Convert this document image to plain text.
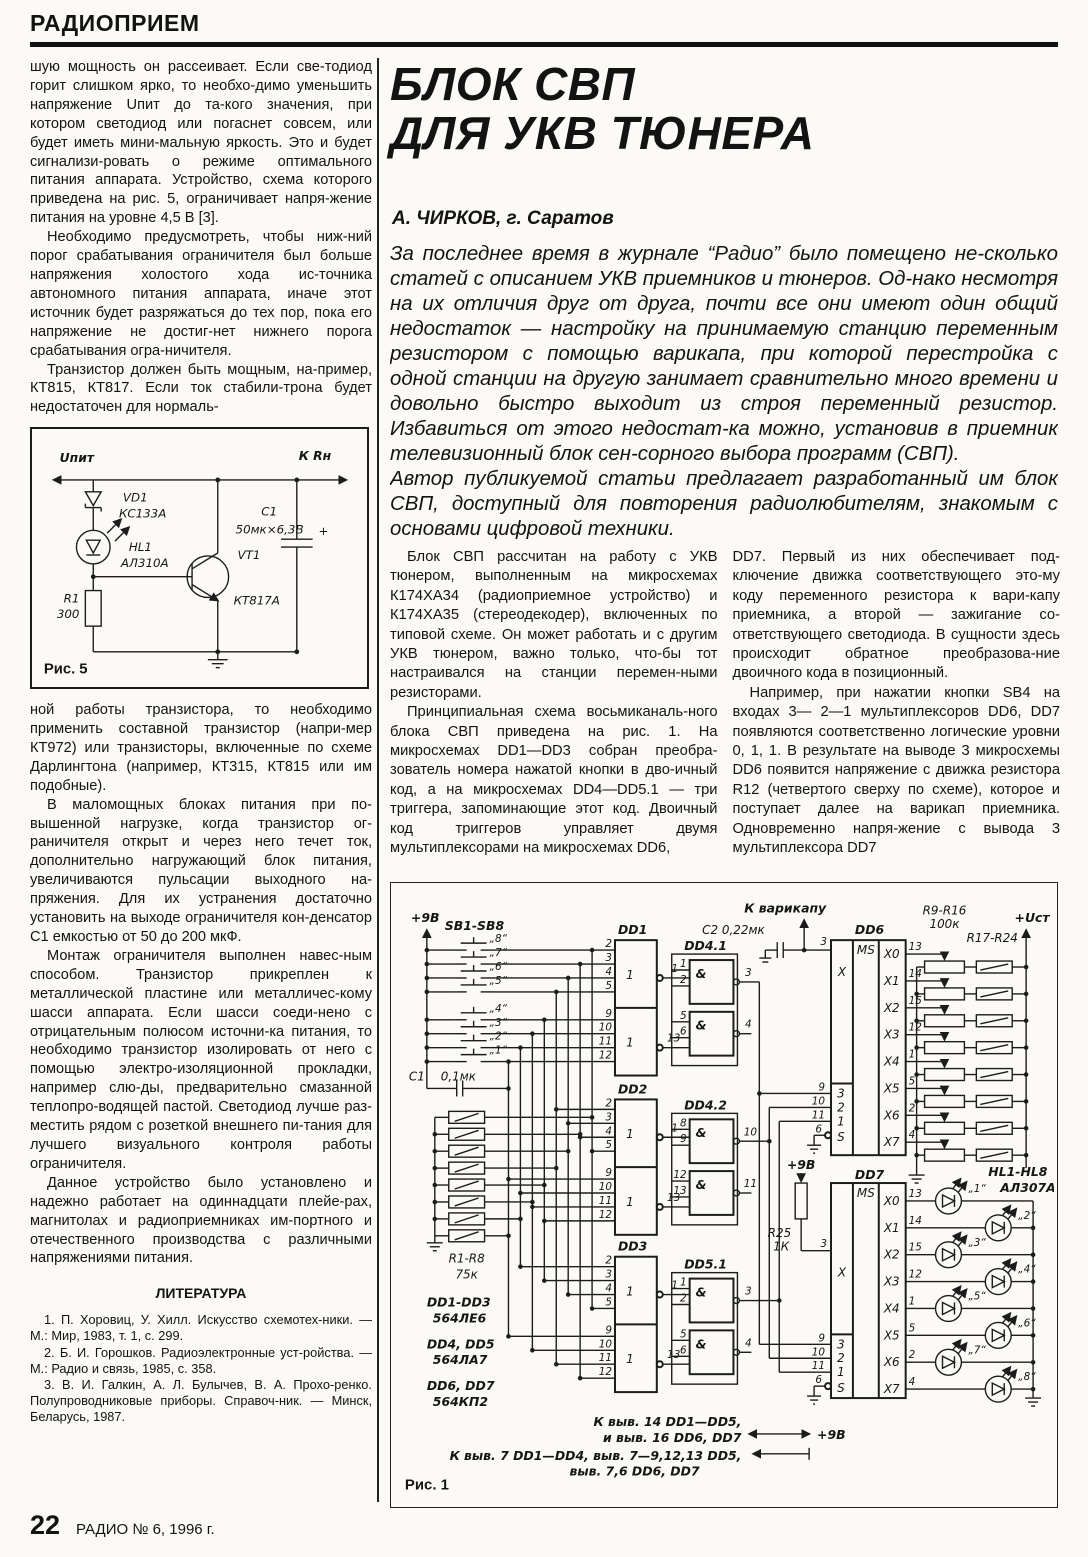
РАДИОПРИЕМ

шую мощность он рассеивает. Если све-тодиод горит слишком ярко, то необхо-димо уменьшить напряжение Uпит до та-кого значения, при котором светодиод или погаснет совсем, или будет иметь мини-мальную яркость. Это и будет сигнализи-ровать о режиме оптимального питания аппарата. Устройство, схема которого приведена на рис. 5, ограничивает напря-жение питания на уровне 4,5 В [3].

Необходимо предусмотреть, чтобы ниж-ний порог срабатывания ограничителя был больше напряжения холостого хода ис-точника автономного питания аппарата, иначе этот источник будет разряжаться до тех пор, пока его напряжение не достиг-нет нижнего порога срабатывания огра-ничителя.

Транзистор должен быть мощным, на-пример, КТ815, КТ817. Если ток стабили-трона будет недостаточен для нормаль-

Uпит	К Rн
VD1
КС133А
HL1
АЛ310А
R1
300
VT1
КТ817А
С1
50мк×6,3В +
Рис. 5

ной работы транзистора, то необходимо применить составной транзистор (напри-мер КТ972) или транзисторы, включенные по схеме Дарлингтона (например, КТ315, КТ815 или им подобные).

В маломощных блоках питания при по-вышенной нагрузке, когда транзистор ог-раничителя открыт и через него течет ток, дополнительно нагружающий блок питания, увеличиваются пульсации выходного на-пряжения. Для их устранения достаточно установить на выходе ограничителя кон-денсатор С1 емкостью от 50 до 200 мкФ.

Монтаж ограничителя выполнен навес-ным способом. Транзистор прикреплен к металлической пластине или металличес-кому шасси аппарата. Если шасси соеди-нено с отрицательным полюсом источни-ка питания, то необходимо транзистор изолировать от него с помощью электро-изоляционной прокладки, например слю-ды, предварительно смазанной теплопро-водящей пастой. Светодиод лучше раз-местить рядом с розеткой внешнего пи-тания для лучшего визуального контроля работы ограничителя.

Данное устройство было установлено и надежно работает на одиннадцати плейе-рах, магнитолах и радиоприемниках им-портного и отечественного производства с различными напряжениями питания.

ЛИТЕРАТУРА

1. П. Хоровиц, У. Хилл. Искусство схемотех-ники. — М.: Мир, 1983, т. 1, с. 299.

2. Б. И. Горошков. Радиоэлектронные уст-ройства. — М.: Радио и связь, 1985, с. 358.

3. В. И. Галкин, А. Л. Булычев, В. А. Прохо-ренко. Полупроводниковые приборы. Справоч-ник. — Минск, Беларусь, 1987.

БЛОК СВП
ДЛЯ УКВ ТЮНЕРА
А. ЧИРКОВ, г. Саратов

За последнее время в журнале “Радио” было помещено не-сколько статей с описанием УКВ приемников и тюнеров. Од-нако несмотря на их отличия друг от друга, почти все они имеют один общий недостаток — настройку на принимаемую станцию переменным резистором с помощью варикапа, при которой перестройка с одной станции на другую занимает сравнительно много времени и довольно быстро выходит из строя переменный резистор. Избавиться от этого недостат-ка можно, установив в приемник телевизионный блок сен-сорного выбора программ (СВП).

Автор публикуемой статьи предлагает разработанный им блок СВП, доступный для повторения радиолюбителям, знакомым с основами цифровой техники.

Блок СВП рассчитан на работу с УКВ тюнером, выполненным на микросхемах К174ХА34 (радиоприемное устройство) и К174ХА35 (стереодекодер), включенных по типовой схеме. Он может работать и с другим УКВ тюнером, важно только, что-бы тот настраивался на станции перемен-ными резисторами.

Принципиальная схема восьмиканаль-ного блока СВП приведена на рис. 1. На микросхемах DD1—DD3 собран преобра-зователь номера нажатой кнопки в дво-ичный код, а на микросхемах DD4—DD5.1 — три триггера, запоминающие этот код. Двоичный код триггеров управляет двумя мультиплексорами на микросхемах DD6,

DD7. Первый из них обеспечивает под-ключение движка соответствующего это-му коду переменного резистора к вари-капу приемника, а второй — зажигание со-ответствующего светодиода. В сущности здесь происходит обратное преобразова-ние двоичного кода в позиционный.

Например, при нажатии кнопки SB4 на входах 3— 2—1 мультиплексоров DD6, DD7 появляются соответственно логические уровни 0, 1, 1. В результате на выводе 3 микросхемы DD6 появится напряжение с движка резистора R12 (четвертого сверху по схеме), которое и поступает далее на варикап приемника. Одновременно напря-жение с вывода 3 мультиплексора DD7

+9В
SB1-SB8
„8“
„7“
„6“
„5“
„4“
„3“
„2“
„1“
С1 0,1мк
DD1
DD2
DD3
1
1
1
1
1
1
2
3
4
5
9
10
11
12
2
3
4
5
9
10
11
12
2
3
4
5
9
10
11
12
1
13
1
13
1
13
DD4.1
1
2 &	3
5
6 &	4
DD4.2
8
9 &	10
12
13 &	11
DD5.1
1
2 &	3
5
6 &	4
R1-R8
75к
DD1-DD3
564ЛЕ6
DD4, DD5
564ЛА7
DD6, DD7
564КП2
К варикапу
С2 0,22мк	DD6
3
X
MS X0
X1
X2
X3
X4
X5
X6
X7
13
14
15
12
1
5
2
4
9
10
11
6
3
2
1
S
R9-R16
100к
R17-R24
+Uст
+9В
R25
1К
DD7
3
X
MS
X0
X1
X2
X3
X4
X5
X6
X7
13
14
15
12
1
5
2
4
9
10
11
6
3
2
1
S
HL1-HL8
АЛ307А
„1“
„2“
„3“
„4“
„5“
„6“
„7“
„8“
К выв. 14 DD1—DD5,
и выв. 16 DD6, DD7	+9В
К выв. 7 DD1—DD4, выв. 7—9,12,13 DD5,
выв. 7,6 DD6, DD7
Рис. 1
22 РАДИО № 6, 1996 г.
